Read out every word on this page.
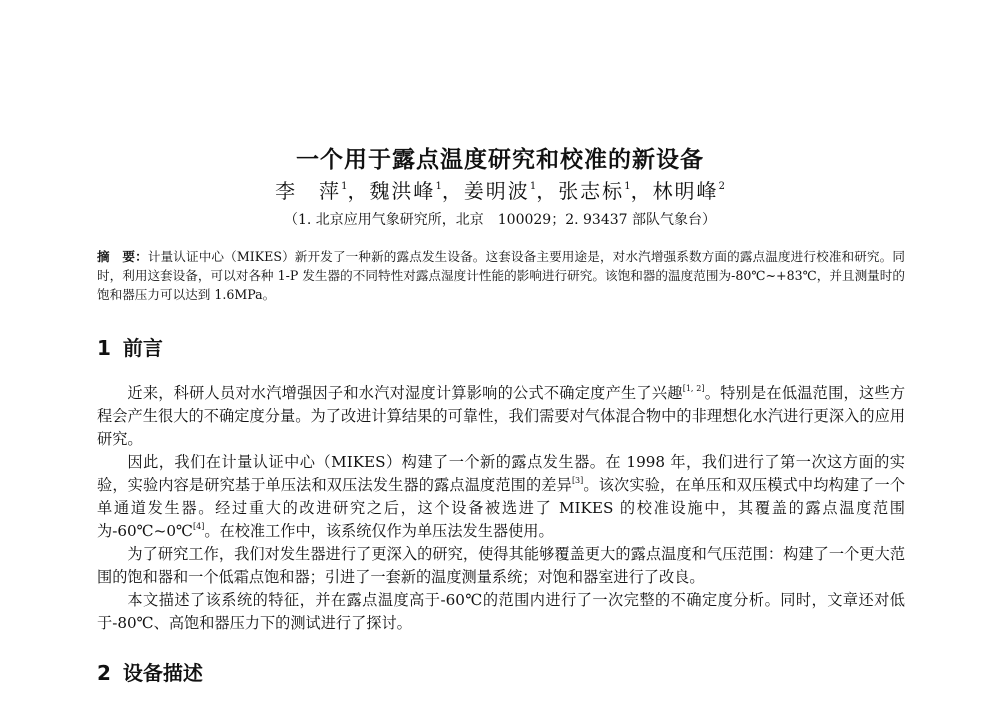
一个用于露点温度研究和校准的新设备
李　萍$^1$，魏洪峰$^1$，姜明波$^1$，张志标$^1$，林明峰$^2$
（1. 北京应用气象研究所，北京　100029；2. 93437 部队气象台）
摘　要：计量认证中心（MIKES）新开发了一种新的露点发生设备。这套设备主要用途是，对水汽增强系数方面的露点温度进行校准和研究。同时，利用这套设备，可以对各种 1-P 发生器的不同特性对露点湿度计性能的影响进行研究。该饱和器的温度范围为-80℃~+83℃，并且测量时的饱和器压力可以达到 1.6MPa。
1 前言

近来，科研人员对水汽增强因子和水汽对湿度计算影响的公式不确定度产生了兴趣[1, 2]。特别是在低温范围，这些方程会产生很大的不确定度分量。为了改进计算结果的可靠性，我们需要对气体混合物中的非理想化水汽进行更深入的应用研究。

因此，我们在计量认证中心（MIKES）构建了一个新的露点发生器。在 1998 年，我们进行了第一次这方面的实验，实验内容是研究基于单压法和双压法发生器的露点温度范围的差异[3]。该次实验，在单压和双压模式中均构建了一个单通道发生器。经过重大的改进研究之后，这个设备被选进了 MIKES 的校准设施中，其覆盖的露点温度范围为-60℃~0℃[4]。在校准工作中，该系统仅作为单压法发生器使用。

为了研究工作，我们对发生器进行了更深入的研究，使得其能够覆盖更大的露点温度和气压范围：构建了一个更大范围的饱和器和一个低霜点饱和器；引进了一套新的温度测量系统；对饱和器室进行了改良。

本文描述了该系统的特征，并在露点温度高于-60℃的范围内进行了一次完整的不确定度分析。同时，文章还对低于-80℃、高饱和器压力下的测试进行了探讨。

2 设备描述
